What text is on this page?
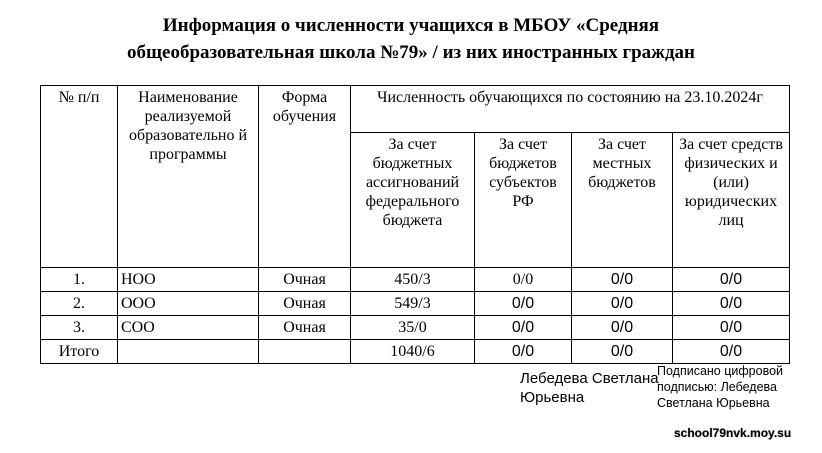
Информация о численности учащихся в МБОУ «Средняя
общеобразовательная школа №79» / из них иностранных граждан
№ п/п	Наименование реализуемой образовательно й программы	Форма обучения	Численность обучающихся по состоянию на 23.10.2024г			
			За счет бюджетных ассигнований федерального бюджета	За счет бюджетов субъектов РФ	За счет местных бюджетов	За счет средств физических и (или) юридических лиц
1.	НОО	Очная	450/3	0/0	0/0	0/0
2.	ООО	Очная	549/3	0/0	0/0	0/0
3.	СОО	Очная	35/0	0/0	0/0	0/0
Итого			1040/6	0/0	0/0	0/0
Лебедева Светлана
Юрьевна
Подписано цифровой
подписью: Лебедева
Светлана Юрьевна
school79nvk.moy.su
